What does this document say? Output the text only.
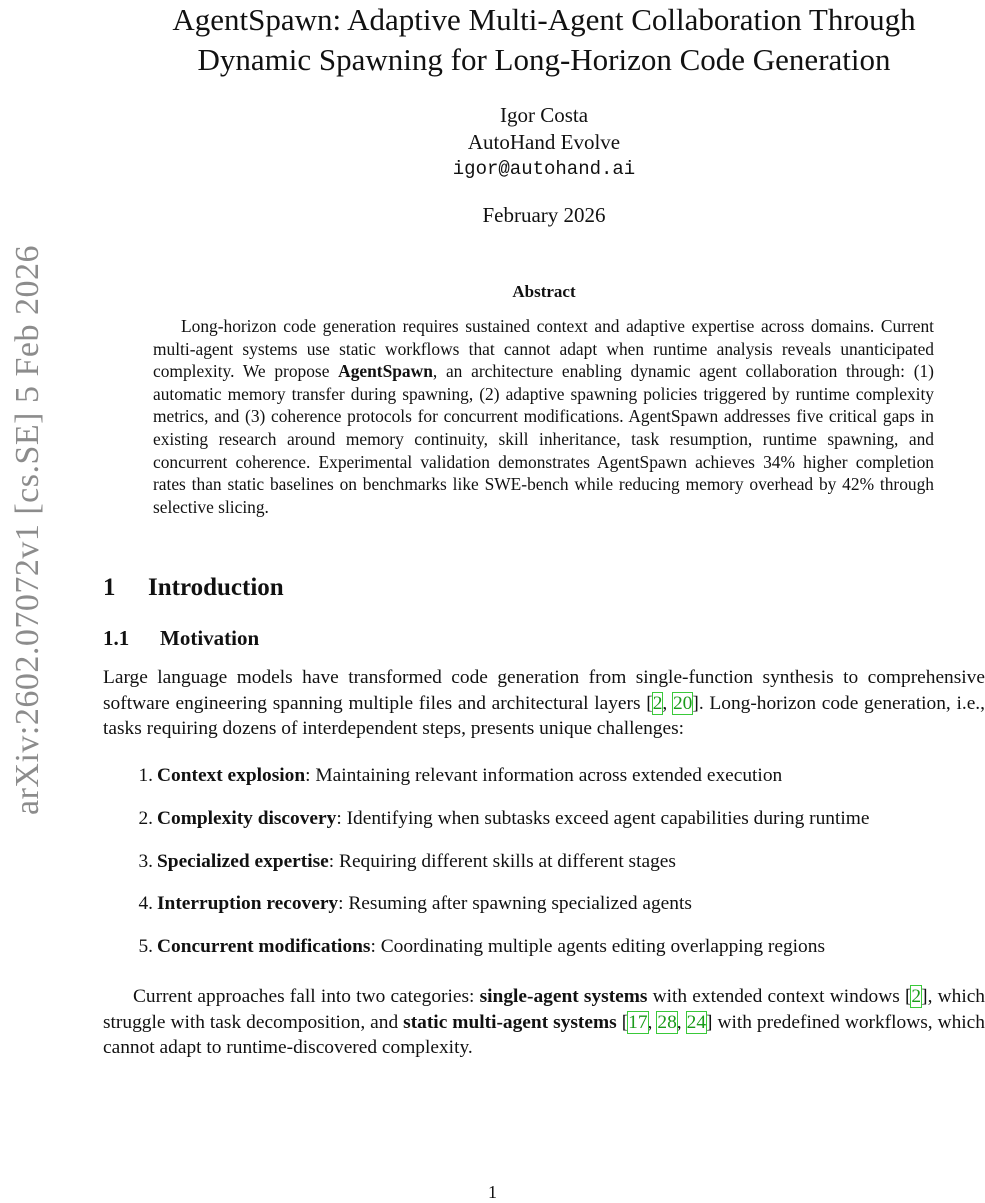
arXiv:2602.07072v1 [cs.SE] 5 Feb 2026
AgentSpawn: Adaptive Multi-Agent Collaboration Through
Dynamic Spawning for Long-Horizon Code Generation
Igor Costa
AutoHand Evolve
igor@autohand.ai
February 2026
Abstract
Long-horizon code generation requires sustained context and adaptive expertise across domains. Current multi-agent systems use static workflows that cannot adapt when runtime analysis reveals unanticipated complexity. We propose AgentSpawn, an architecture enabling dynamic agent collaboration through: (1) automatic memory transfer during spawning, (2) adaptive spawning policies triggered by runtime complexity metrics, and (3) coherence protocols for concurrent modifications. AgentSpawn addresses five critical gaps in existing research around memory continuity, skill inheritance, task resumption, runtime spawning, and concurrent coherence. Experimental validation demonstrates AgentSpawn achieves 34% higher completion rates than static baselines on benchmarks like SWE-bench while reducing memory overhead by 42% through selective slicing.
1 Introduction
1.1 Motivation
Large language models have transformed code generation from single-function synthesis to comprehensive software engineering spanning multiple files and architectural layers [2, 20]. Long-horizon code generation, i.e., tasks requiring dozens of interdependent steps, presents unique challenges:
1. Context explosion: Maintaining relevant information across extended execution
2. Complexity discovery: Identifying when subtasks exceed agent capabilities during runtime
3. Specialized expertise: Requiring different skills at different stages
4. Interruption recovery: Resuming after spawning specialized agents
5. Concurrent modifications: Coordinating multiple agents editing overlapping regions
Current approaches fall into two categories: single-agent systems with extended context windows [2], which struggle with task decomposition, and static multi-agent systems [17, 28, 24] with predefined workflows, which cannot adapt to runtime-discovered complexity.
1
